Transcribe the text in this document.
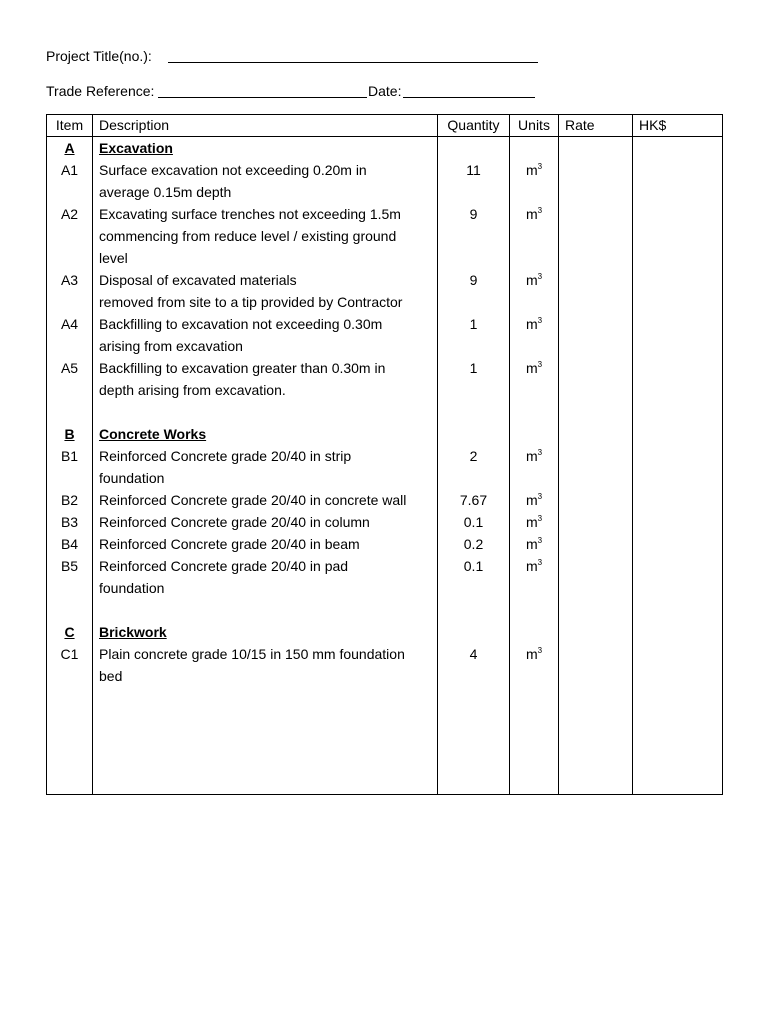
Project Title(no.):
Trade Reference:	Date:
Item	Description	Quantity	Units	Rate	HK$
A	Excavation				
A1	Surface excavation not exceeding 0.20m in
average 0.15m depth	11	$m^3$		
A2	Excavating surface trenches not exceeding 1.5m
commencing from reduce level / existing ground
level	9	$m^3$		
A3	Disposal of excavated materials
removed from site to a tip provided by Contractor	9	$m^3$		
A4	Backfilling to excavation not exceeding 0.30m
arising from excavation	1	$m^3$		
A5	Backfilling to excavation greater than 0.30m in
depth arising from excavation.	1	$m^3$		

B	Concrete Works				
B1	Reinforced Concrete grade 20/40 in strip
foundation	2	$m^3$		
B2	Reinforced Concrete grade 20/40 in concrete wall	7.67	$m^3$		
B3	Reinforced Concrete grade 20/40 in column	0.1	$m^3$		
B4	Reinforced Concrete grade 20/40 in beam	0.2	$m^3$		
B5	Reinforced Concrete grade 20/40 in pad
foundation	0.1	$m^3$		

C	Brickwork				
C1	Plain concrete grade 10/15 in 150 mm foundation
bed	4	$m^3$		
